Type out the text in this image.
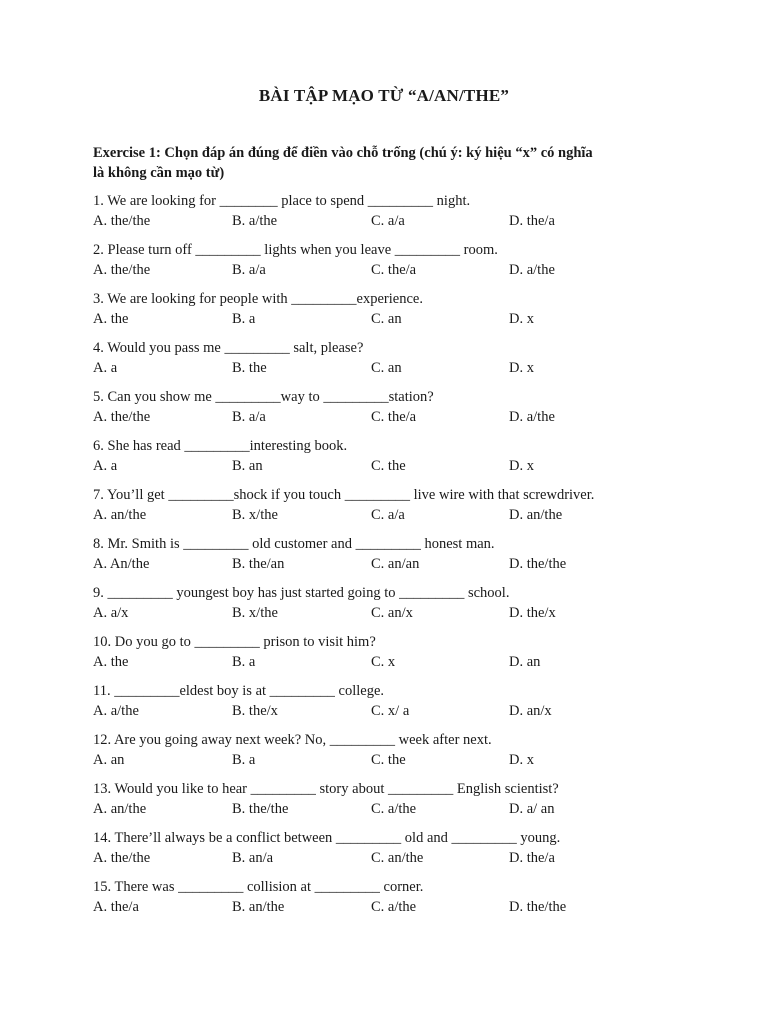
BÀI TẬP MẠO TỪ “A/AN/THE”
Exercise 1: Chọn đáp án đúng để điền vào chỗ trống (chú ý: ký hiệu “x” có nghĩa
là không cần mạo từ)
1. We are looking for ________ place to spend _________ night.
A. the/the	B. a/the	C. a/a	D. the/a
2. Please turn off _________ lights when you leave _________ room.
A. the/the	B. a/a	C. the/a	D. a/the
3. We are looking for people with _________experience.
A. the	B. a	C. an	D. x
4. Would you pass me _________ salt, please?
A. a	B. the	C. an	D. x
5. Can you show me _________way to _________station?
A. the/the	B. a/a	C. the/a	D. a/the
6. She has read _________interesting book.
A. a	B. an	C. the	D. x
7. You’ll get _________shock if you touch _________ live wire with that screwdriver.
A. an/the	B. x/the	C. a/a	D. an/the
8. Mr. Smith is _________ old customer and _________ honest man.
A. An/the	B. the/an	C. an/an	D. the/the
9. _________ youngest boy has just started going to _________ school.
A. a/x	B. x/the	C. an/x	D. the/x
10. Do you go to _________ prison to visit him?
A. the	B. a	C. x	D. an
11. _________eldest boy is at _________ college.
A. a/the	B. the/x	C. x/ a	D. an/x
12. Are you going away next week? No, _________ week after next.
A. an	B. a	C. the	D. x
13. Would you like to hear _________ story about _________ English scientist?
A. an/the	B. the/the	C. a/the	D. a/ an
14. There’ll always be a conflict between _________ old and _________ young.
A. the/the	B. an/a	C. an/the	D. the/a
15. There was _________ collision at _________ corner.
A. the/a	B. an/the	C. a/the	D. the/the
